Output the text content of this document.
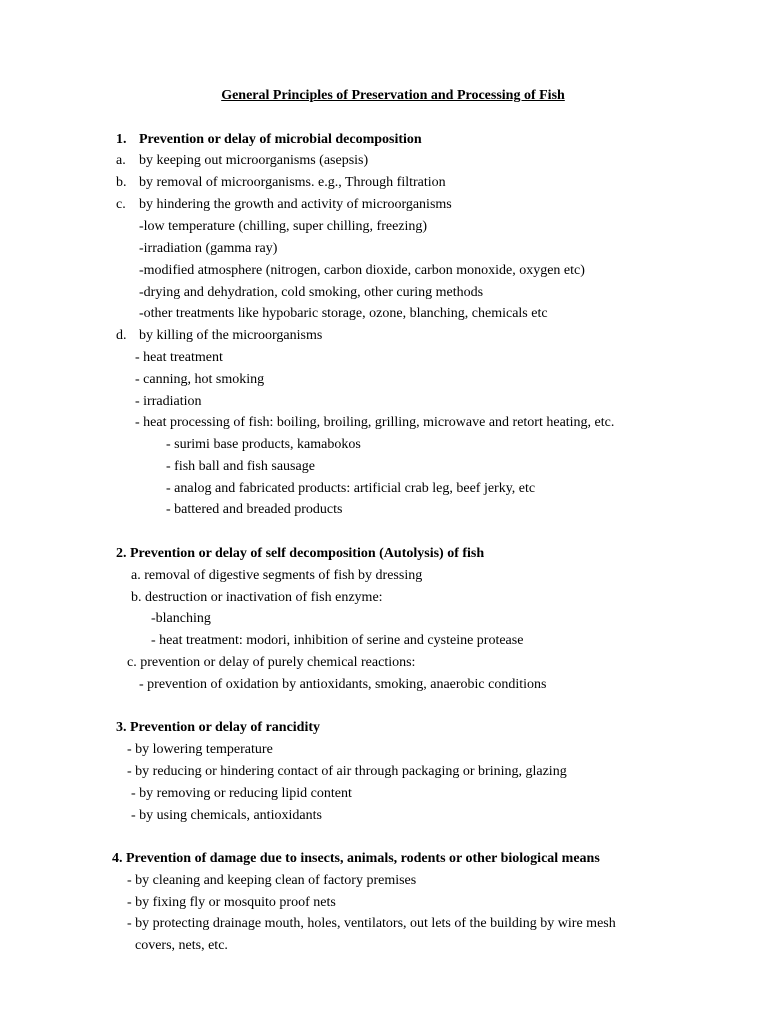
General Principles of Preservation and Processing of Fish
1. Prevention or delay of microbial decomposition
a. by keeping out microorganisms (asepsis)
b. by removal of microorganisms. e.g., Through filtration
c. by hindering the growth and activity of microorganisms
-low temperature (chilling, super chilling, freezing)
-irradiation (gamma ray)
-modified atmosphere (nitrogen, carbon dioxide, carbon monoxide, oxygen etc)
-drying and dehydration, cold smoking, other curing methods
-other treatments like hypobaric storage, ozone, blanching, chemicals etc
d. by killing of the microorganisms
- heat treatment
- canning, hot smoking
- irradiation
- heat processing of fish: boiling, broiling, grilling, microwave and retort heating, etc.
- surimi base products, kamabokos
- fish ball and fish sausage
- analog and fabricated products: artificial crab leg, beef jerky, etc
- battered and breaded products
2. Prevention or delay of self decomposition (Autolysis) of fish
a. removal of digestive segments of fish by dressing
b. destruction or inactivation of fish enzyme:
-blanching
- heat treatment: modori, inhibition of serine and cysteine protease
c. prevention or delay of purely chemical reactions:
- prevention of oxidation by antioxidants, smoking, anaerobic conditions
3. Prevention or delay of rancidity
- by lowering temperature
- by reducing or hindering contact of air through packaging or brining, glazing
- by removing or reducing lipid content
- by using chemicals, antioxidants
4. Prevention of damage due to insects, animals, rodents or other biological means
- by cleaning and keeping clean of factory premises
- by fixing fly or mosquito proof nets
- by protecting drainage mouth, holes, ventilators, out lets of the building by wire mesh
covers, nets, etc.
